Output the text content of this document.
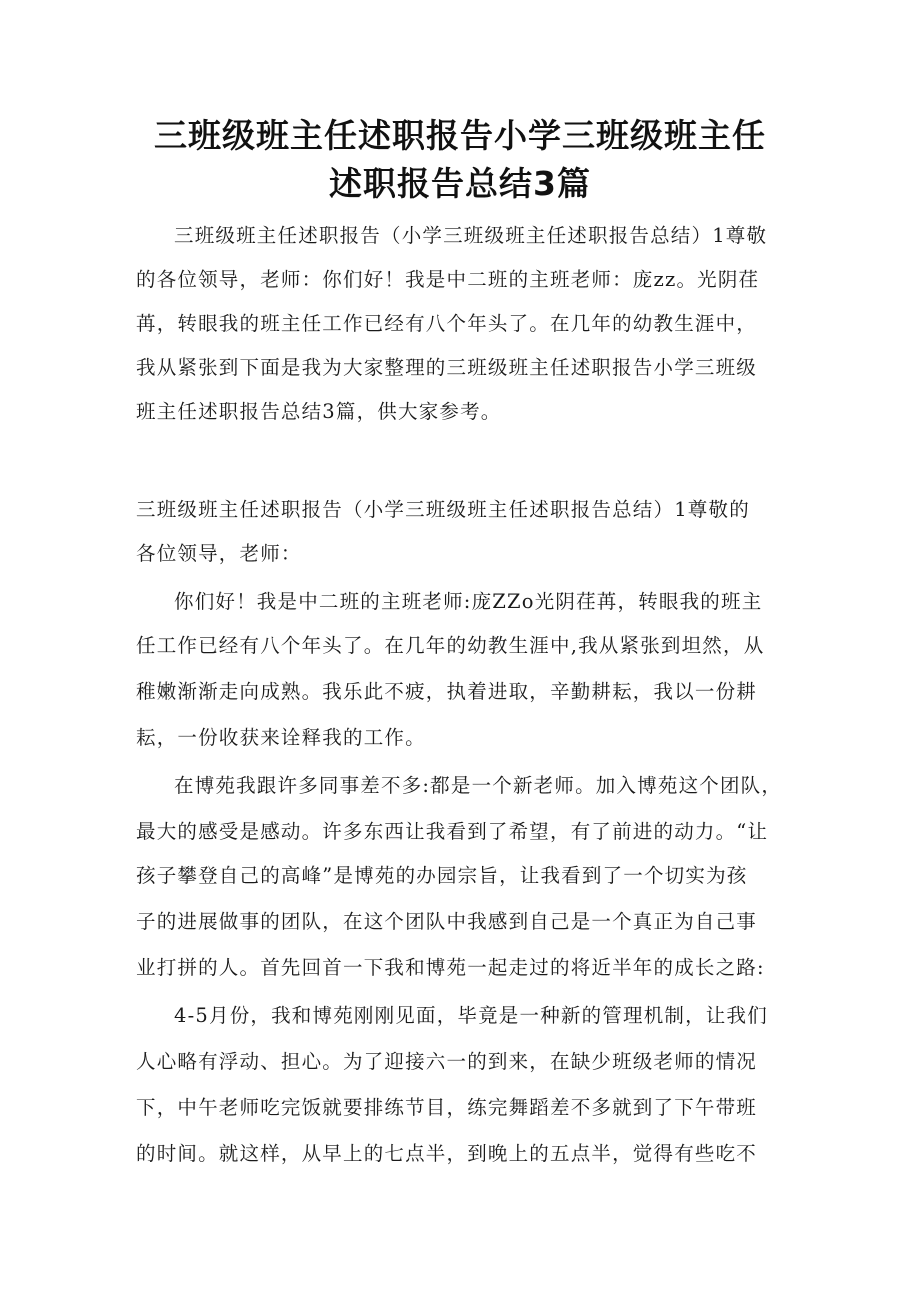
三班级班主任述职报告小学三班级班主任
述职报告总结3篇
三班级班主任述职报告（小学三班级班主任述职报告总结）1尊敬
的各位领导，老师：你们好！我是中二班的主班老师：庞zz。光阴荏
苒，转眼我的班主任工作已经有八个年头了。在几年的幼教生涯中，
我从紧张到下面是我为大家整理的三班级班主任述职报告小学三班级
班主任述职报告总结3篇，供大家参考。
三班级班主任述职报告（小学三班级班主任述职报告总结）1尊敬的
各位领导，老师：
你们好！我是中二班的主班老师:庞ZZo光阴荏苒，转眼我的班主
任工作已经有八个年头了。在几年的幼教生涯中,我从紧张到坦然，从
稚嫩渐渐走向成熟。我乐此不疲，执着进取，辛勤耕耘，我以一份耕
耘，一份收获来诠释我的工作。
在博苑我跟许多同事差不多:都是一个新老师。加入博苑这个团队，
最大的感受是感动。许多东西让我看到了希望，有了前进的动力。“让
孩子攀登自己的高峰”是博苑的办园宗旨，让我看到了一个切实为孩
子的进展做事的团队，在这个团队中我感到自己是一个真正为自己事
业打拼的人。首先回首一下我和博苑一起走过的将近半年的成长之路:
4-5月份，我和博苑刚刚见面，毕竟是一种新的管理机制，让我们
人心略有浮动、担心。为了迎接六一的到来，在缺少班级老师的情况
下，中午老师吃完饭就要排练节目，练完舞蹈差不多就到了下午带班
的时间。就这样，从早上的七点半，到晚上的五点半，觉得有些吃不
